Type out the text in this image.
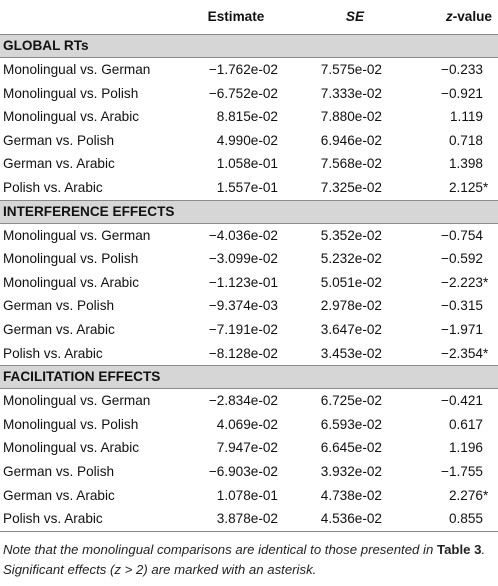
	Estimate	SE	z-value
GLOBAL RTs			
Monolingual vs. German	−1.762e-02	7.575e-02	−0.233
Monolingual vs. Polish	−6.752e-02	7.333e-02	−0.921
Monolingual vs. Arabic	8.815e-02	7.880e-02	1.119
German vs. Polish	4.990e-02	6.946e-02	0.718
German vs. Arabic	1.058e-01	7.568e-02	1.398
Polish vs. Arabic	1.557e-01	7.325e-02	2.125*
INTERFERENCE EFFECTS			
Monolingual vs. German	−4.036e-02	5.352e-02	−0.754
Monolingual vs. Polish	−3.099e-02	5.232e-02	−0.592
Monolingual vs. Arabic	−1.123e-01	5.051e-02	−2.223*
German vs. Polish	−9.374e-03	2.978e-02	−0.315
German vs. Arabic	−7.191e-02	3.647e-02	−1.971
Polish vs. Arabic	−8.128e-02	3.453e-02	−2.354*
FACILITATION EFFECTS			
Monolingual vs. German	−2.834e-02	6.725e-02	−0.421
Monolingual vs. Polish	4.069e-02	6.593e-02	0.617
Monolingual vs. Arabic	7.947e-02	6.645e-02	1.196
German vs. Polish	−6.903e-02	3.932e-02	−1.755
German vs. Arabic	1.078e-01	4.738e-02	2.276*
Polish vs. Arabic	3.878e-02	4.536e-02	0.855
Note that the monolingual comparisons are identical to those presented in Table 3. Significant effects (z > 2) are marked with an asterisk.
